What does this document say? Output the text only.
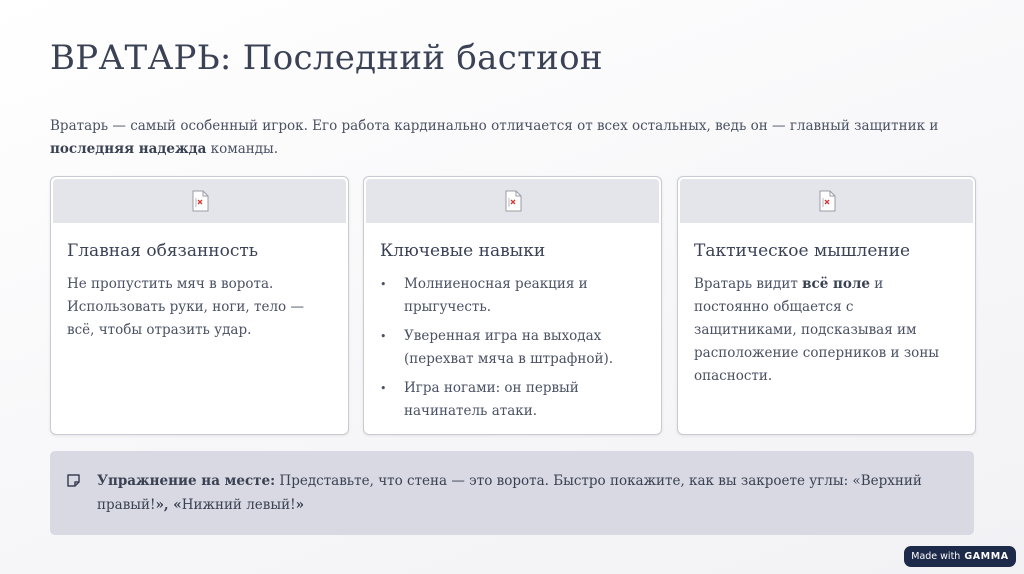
ВРАТАРЬ: Последний бастион
Вратарь — самый особенный игрок. Его работа кардинально отличается от всех остальных, ведь он — главный защитник и последняя надежда команды.
Главная обязанность
Не пропустить мяч в ворота. Использовать руки, ноги, тело — всё, чтобы отразить удар.
Ключевые навыки
• Молниеносная реакция и прыгучесть.
• Уверенная игра на выходах (перехват мяча в штрафной).
• Игра ногами: он первый начинатель атаки.
Тактическое мышление
Вратарь видит всё поле и постоянно общается с защитниками, подсказывая им расположение соперников и зоны опасности.
Упражнение на месте: Представьте, что стена — это ворота. Быстро покажите, как вы закроете углы: «Верхний правый!», «Нижний левый!»
Made with GAMMA
